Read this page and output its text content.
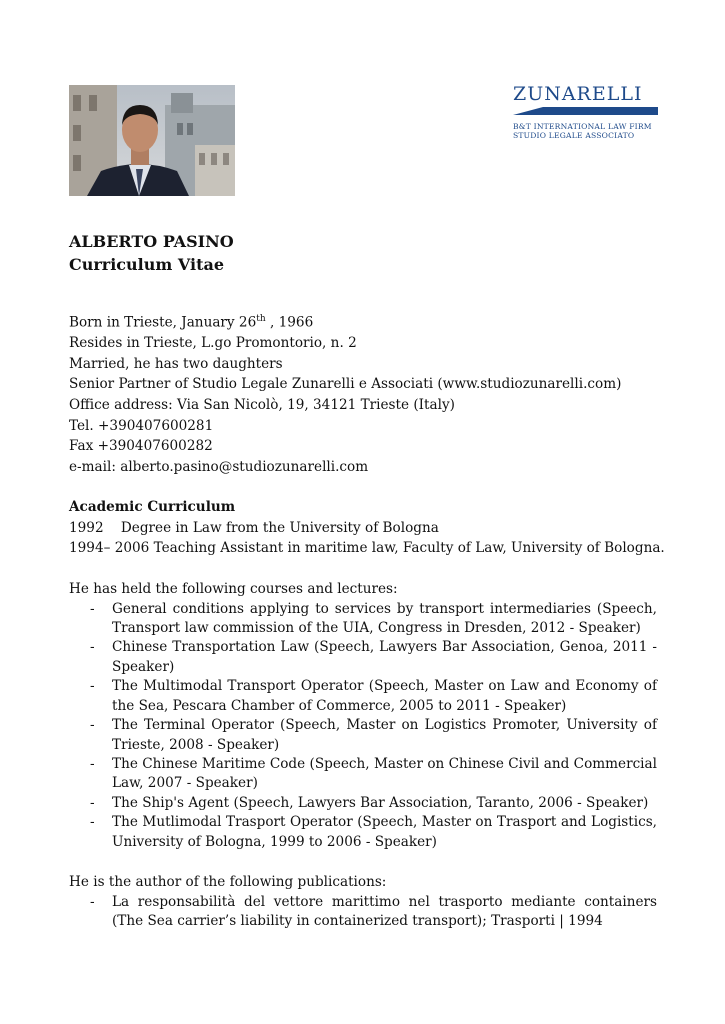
ZUNARELLI
B&T INTERNATIONAL LAW FIRM
STUDIO LEGALE ASSOCIATO
ALBERTO PASINO
Curriculum Vitae
Born in Trieste, January 26th , 1966
Resides in Trieste, L.go Promontorio, n. 2
Married, he has two daughters
Senior Partner of Studio Legale Zunarelli e Associati (www.studiozunarelli.com)
Office address: Via San Nicolò, 19, 34121 Trieste (Italy)
Tel. +390407600281
Fax +390407600282
e-mail: alberto.pasino@studiozunarelli.com
Academic Curriculum
1992    Degree in Law from the University of Bologna
1994– 2006 Teaching Assistant in maritime law, Faculty of Law, University of Bologna.
He has held the following courses and lectures:
- General conditions applying to services by transport intermediaries (Speech, Transport law commission of the UIA, Congress in Dresden, 2012 - Speaker)
- Chinese Transportation Law (Speech, Lawyers Bar Association, Genoa, 2011 - Speaker)
- The Multimodal Transport Operator (Speech, Master on Law and Economy of the Sea, Pescara Chamber of Commerce, 2005 to 2011 - Speaker)
- The Terminal Operator (Speech, Master on Logistics Promoter, University of Trieste, 2008 - Speaker)
- The Chinese Maritime Code (Speech, Master on Chinese Civil and Commercial Law, 2007 - Speaker)
- The Ship's Agent (Speech, Lawyers Bar Association, Taranto, 2006 - Speaker)
- The Mutlimodal Trasport Operator (Speech, Master on Trasport and Logistics, University of Bologna, 1999 to 2006 - Speaker)
He is the author of the following publications:
- La responsabilità del vettore marittimo nel trasporto mediante containers (The Sea carrier’s liability in containerized transport); Trasporti | 1994
